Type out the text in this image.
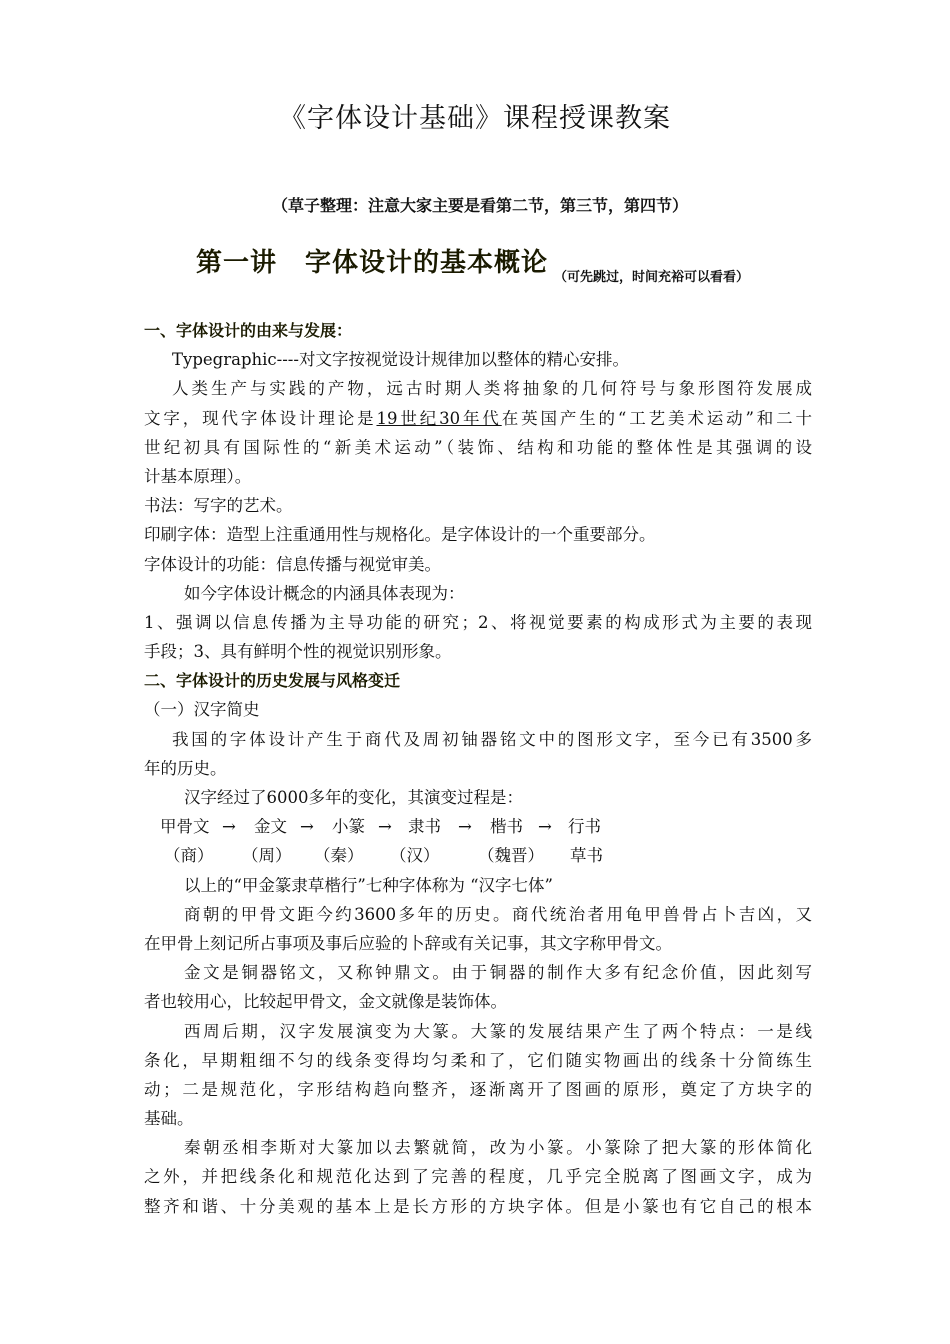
《字体设计基础》课程授课教案
（草子整理：注意大家主要是看第二节，第三节，第四节）
第一讲 字体设计的基本概论 $_{(可先跳过,时间充裕可以看看)}$
一、字体设计的由来与发展：
Typegraphic----对文字按视觉设计规律加以整体的精心安排。
人类生产与实践的产物，远古时期人类将抽象的几何符号与象形图符发展成
文字，现代字体设计理论是19世纪30年代在英国产生的“工艺美术运动”和二十
世纪初具有国际性的“新美术运动”（装饰、结构和功能的整体性是其强调的设
计基本原理）。
书法：写字的艺术。
印刷字体：造型上注重通用性与规格化。是字体设计的一个重要部分。
字体设计的功能：信息传播与视觉审美。
如今字体设计概念的内涵具体表现为：
1、强调以信息传播为主导功能的研究；2、将视觉要素的构成形式为主要的表现
手段；3、具有鲜明个性的视觉识别形象。
二、字体设计的历史发展与风格变迁
（一）汉字简史
我国的字体设计产生于商代及周初铀器铭文中的图形文字，至今已有3500多
年的历史。
汉字经过了6000多年的变化，其演变过程是：
甲骨文 → 金文 → 小篆 → 隶书 → 楷书 → 行书
（商） （周） （秦） （汉） （魏晋） 草书
以上的“甲金篆隶草楷行”七种字体称为 “汉字七体”
商朝的甲骨文距今约3600多年的历史。商代统治者用龟甲兽骨占卜吉凶，又
在甲骨上刻记所占事项及事后应验的卜辞或有关记事，其文字称甲骨文。
金文是铜器铭文，又称钟鼎文。由于铜器的制作大多有纪念价值，因此刻写
者也较用心，比较起甲骨文，金文就像是装饰体。
西周后期，汉字发展演变为大篆。大篆的发展结果产生了两个特点：一是线
条化，早期粗细不匀的线条变得均匀柔和了，它们随实物画出的线条十分简练生
动；二是规范化，字形结构趋向整齐，逐渐离开了图画的原形，奠定了方块字的
基础。
秦朝丞相李斯对大篆加以去繁就简，改为小篆。小篆除了把大篆的形体简化
之外，并把线条化和规范化达到了完善的程度，几乎完全脱离了图画文字，成为
整齐和谐、十分美观的基本上是长方形的方块字体。但是小篆也有它自己的根本
